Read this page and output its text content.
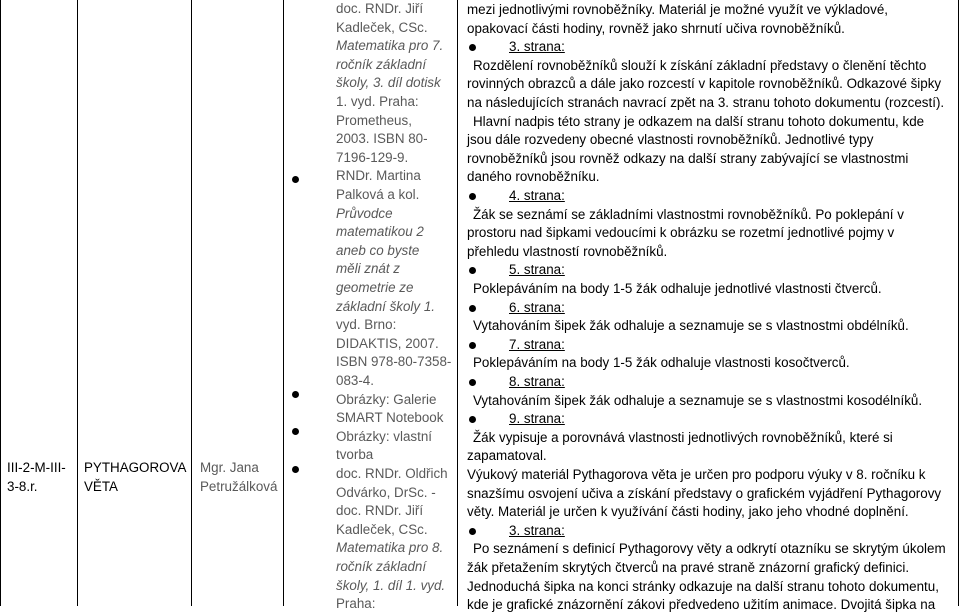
III-2-M-III-3-8.r.
PYTHAGOROVA VĚTA
Mgr. Jana Petružálková
doc. RNDr. Jiří
Kadleček, CSc.
Matematika pro 7.
ročník základní
školy, 3. díl dotisk
1. vyd. Praha:
Prometheus,
2003. ISBN 80-
7196-129-9.
RNDr. Martina
Palková a kol.
Průvodce
matematikou 2
aneb co byste
měli znát z
geometrie ze
základní školy 1.
vyd. Brno:
DIDAKTIS, 2007.
ISBN 978-80-7358-
083-4.
Obrázky: Galerie
SMART Notebook
Obrázky: vlastní
tvorba
doc. RNDr. Oldřich
Odvárko, DrSc. -
doc. RNDr. Jiří
Kadleček, CSc.
Matematika pro 8.
ročník základní
školy, 1. díl 1. vyd.
Praha:
mezi jednotlivými rovnoběžníky. Materiál je možné využít ve výkladové,
opakovací části hodiny, rovněž jako shrnutí učiva rovnoběžníků.
3. strana:
Rozdělení rovnoběžníků slouží k získání základní představy o členění těchto
rovinných obrazců a dále jako rozcestí v kapitole rovnoběžníků. Odkazové šipky
na následujících stranách navrací zpět na 3. stranu tohoto dokumentu (rozcestí).
Hlavní nadpis této strany je odkazem na další stranu tohoto dokumentu, kde
jsou dále rozvedeny obecné vlastnosti rovnoběžníků. Jednotlivé typy
rovnoběžníků jsou rovněž odkazy na další strany zabývající se vlastnostmi
daného rovnoběžníku.
4. strana:
Žák se seznámí se základními vlastnostmi rovnoběžníků. Po poklepání v
prostoru nad šipkami vedoucími k obrázku se rozetmí jednotlivé pojmy v
přehledu vlastností rovnoběžníků.
5. strana:
Poklepáváním na body 1-5 žák odhaluje jednotlivé vlastnosti čtverců.
6. strana:
Vytahováním šipek žák odhaluje a seznamuje se s vlastnostmi obdélníků.
7. strana:
Poklepáváním na body 1-5 žák odhaluje vlastnosti kosočtverců.
8. strana:
Vytahováním šipek žák odhaluje a seznamuje se s vlastnostmi kosodélníků.
9. strana:
Žák vypisuje a porovnává vlastnosti jednotlivých rovnoběžníků, které si
zapamatoval.
Výukový materiál Pythagorova věta je určen pro podporu výuky v 8. ročníku k
snazšímu osvojení učiva a získání představy o grafickém vyjádření Pythagorovy
věty. Materiál je určen k využívání části hodiny, jako jeho vhodné doplnění.
3. strana:
Po seznámení s definicí Pythagorovy věty a odkrytí otazníku se skrytým úkolem
žák přetažením skrytých čtverců na pravé straně znázorní grafický definici.
Jednoduchá šipka na konci stránky odkazuje na další stranu tohoto dokumentu,
kde je grafické znázornění zákovi předvedeno užitím animace. Dvojitá šipka na
